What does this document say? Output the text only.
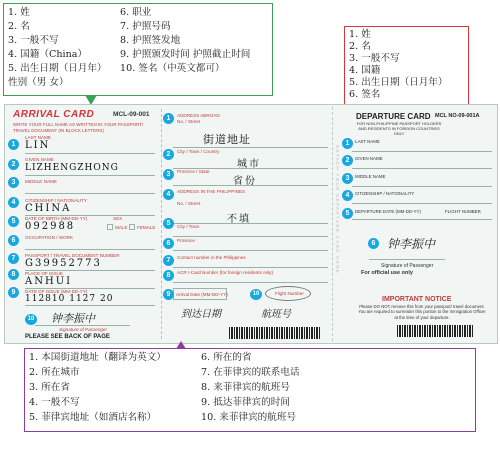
1. 姓
2. 名
3. 一般不写
4. 国籍（China）
5. 出生日期（日月年）
性别（男 女）
6. 职业
7. 护照号码
8. 护照签发地
9. 护照颁发时间 护照截止时间
10. 签名（中英文都可）
1. 姓
2. 名
3. 一般不写
4. 国籍
5. 出生日期（日月年）
6. 签名
ARRIVAL CARD	MCL-09-001
WRITE YOUR FULL NAME AS WRITTEN IN YOUR PASSPORT/ TRAVEL DOCUMENT (IN BLOCK LETTERS)
LAST NAME
LIN
GIVEN NAME
LIZHENGZHONG
MIDDLE NAME
CITIZENSHIP / NATIONALITY
CHINA
DATE OF BIRTH (MM-DD-YY)	SEX
092988	MALE FEMALE
OCCUPATION / WORK
PASSPORT / TRAVEL DOCUMENT NUMBER
G39952773
PLACE OF ISSUE
ANHUI
DATE OF ISSUE (MM-DD-YY)
112810 1127 20
钟李振中
Signature of Passenger
PLEASE SEE BACK OF PAGE
ADDRESS ABROAD
No. / Street
街道地址
City / Town / Country
城市
Province / State
省份
ADDRESS IN THE PHILIPPINES
No. / Street
不填
City / Town
Province
Contact number in the Philippines
ACR I-Card Number (for foreign residents only)
Arrival Date (MM-DD-YY)	Flight Number
到达日期	航班号
DETACH YOUR DEPARTURE CARD HERE
DEPARTURE CARD MCL NO-09-001A
FOR NON-PHILIPPINE PASSPORT HOLDERS AND RESIDENTS IN FOREIGN COUNTRIES ONLY
LAST NAME
GIVEN NAME
MIDDLE NAME
CITIZENSHIP / NATIONALITY
DEPARTURE DATE (MM-DD-YY)	FLIGHT NUMBER
钟李振中
Signature of Passenger
For official use only
IMPORTANT NOTICE
Please DO NOT remove this from your passport/ travel document. You are required to surrender this portion to the Immigration Officer at the time of your departure.
1
2
3
4
5
6
7
8
9
10
1
2
3
4
5
6
7
8
9	10
1
2
3
4
5
6
1. 本国街道地址（翻译为英文）
2. 所在城市
3. 所在省
4. 一般不写
5. 菲律宾地址（如酒店名称）
6. 所在的省
7. 在菲律宾的联系电话
8. 来菲律宾的航班号
9. 抵达菲律宾的时间
10. 来菲律宾的航班号
